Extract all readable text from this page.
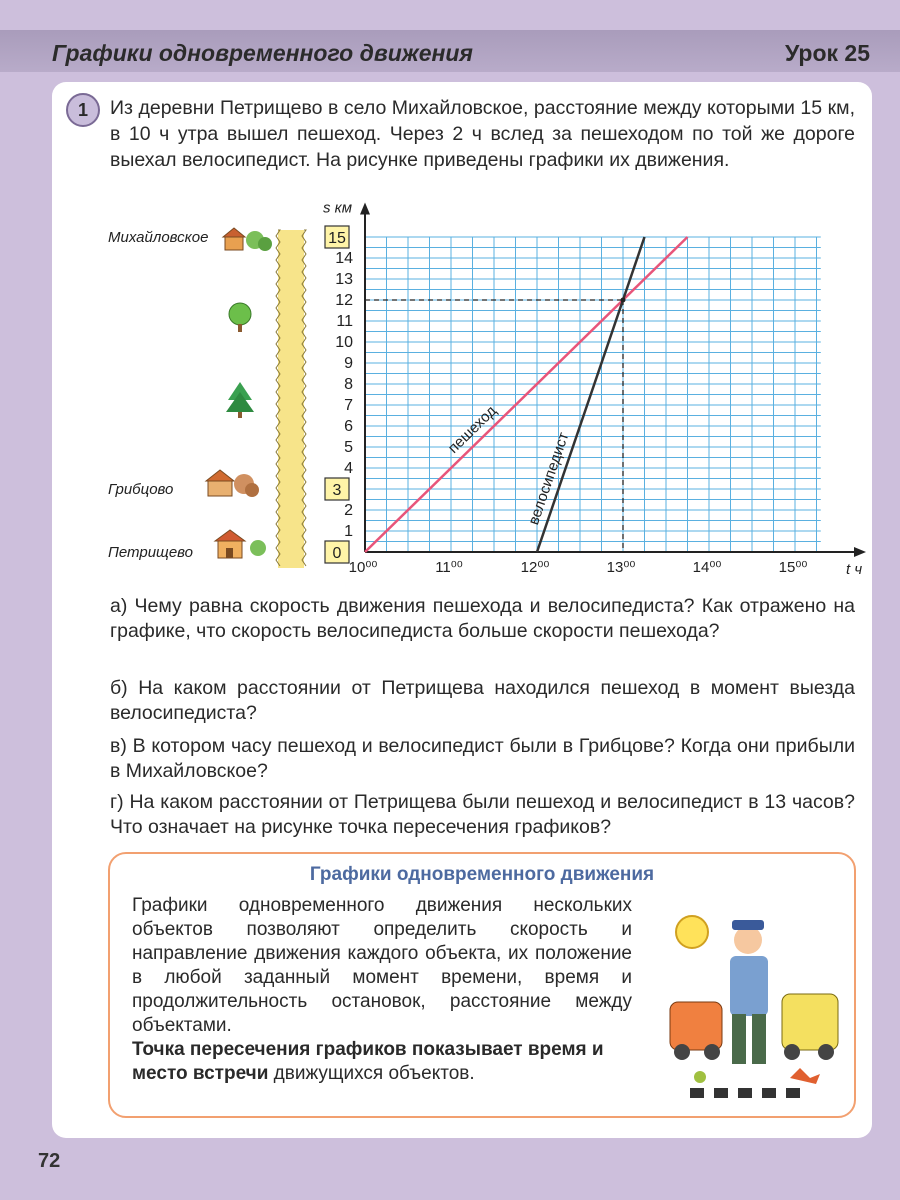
Графики одновременного движения	Урок 25
1	Из деревни Петрищево в село Михайловское, расстояние между которыми 15 км, в 10 ч утра вышел пешеход. Через 2 ч вслед за пешеходом по той же дороге выехал велосипедист. На рисунке приведены графики их движения.
15
Михайловское
3
Грибцово
0
Петрищево
t ч
s км
10⁰⁰	11⁰⁰	12⁰⁰	13⁰⁰	14⁰⁰	15⁰⁰
1
2
4
5
6
7
8
9
10
11
12
13
14
пешеход
велосипедист
а) Чему равна скорость движения пешехода и велосипедиста? Как отражено на графике, что скорость велосипедиста больше скорости пешехода?
б) На каком расстоянии от Петрищева находился пешеход в момент выезда велосипедиста?
в) В котором часу пешеход и велосипедист были в Грибцове? Когда они прибыли в Михайловское?
г) На каком расстоянии от Петрищева были пешеход и велосипедист в 13 часов? Что означает на рисунке точка пересечения графиков?
Графики одновременного движения
Графики одновременного движения нескольких объектов позволяют определить скорость и направление движения каждого объекта, их положение в любой заданный момент времени, время и продолжительность остановок, расстояние между объектами.
Точка пересечения графиков показывает время и место встречи движущихся объектов.
72
